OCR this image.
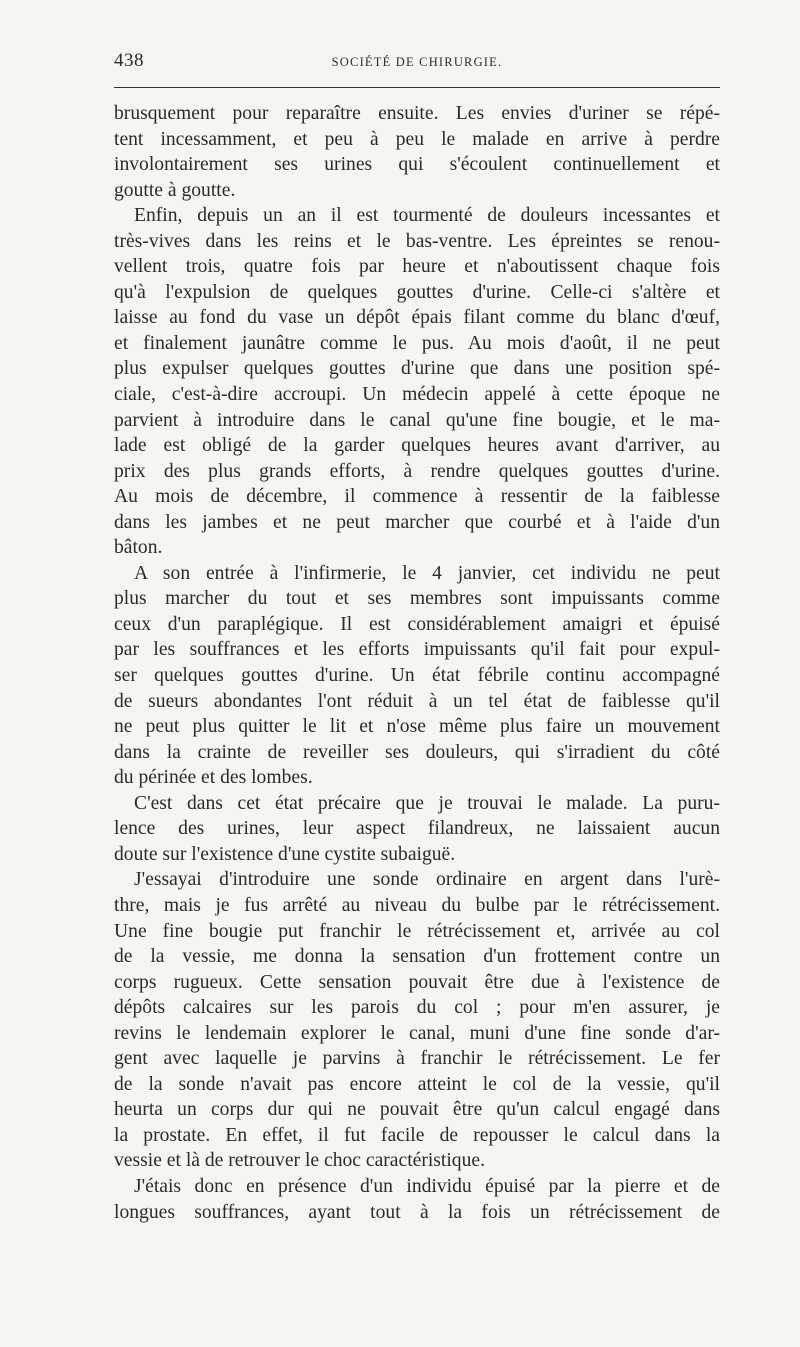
438	SOCIÉTÉ DE CHIRURGIE.

brusquement pour reparaître ensuite. Les envies d'uriner se répé-

tent incessamment, et peu à peu le malade en arrive à perdre

involontairement ses urines qui s'écoulent continuellement et

goutte à goutte.

Enfin, depuis un an il est tourmenté de douleurs incessantes et

très-vives dans les reins et le bas-ventre. Les épreintes se renou-

vellent trois, quatre fois par heure et n'aboutissent chaque fois

qu'à l'expulsion de quelques gouttes d'urine. Celle-ci s'altère et

laisse au fond du vase un dépôt épais filant comme du blanc d'œuf,

et finalement jaunâtre comme le pus. Au mois d'août, il ne peut

plus expulser quelques gouttes d'urine que dans une position spé-

ciale, c'est-à-dire accroupi. Un médecin appelé à cette époque ne

parvient à introduire dans le canal qu'une fine bougie, et le ma-

lade est obligé de la garder quelques heures avant d'arriver, au

prix des plus grands efforts, à rendre quelques gouttes d'urine.

Au mois de décembre, il commence à ressentir de la faiblesse

dans les jambes et ne peut marcher que courbé et à l'aide d'un

bâton.

A son entrée à l'infirmerie, le 4 janvier, cet individu ne peut

plus marcher du tout et ses membres sont impuissants comme

ceux d'un paraplégique. Il est considérablement amaigri et épuisé

par les souffrances et les efforts impuissants qu'il fait pour expul-

ser quelques gouttes d'urine. Un état fébrile continu accompagné

de sueurs abondantes l'ont réduit à un tel état de faiblesse qu'il

ne peut plus quitter le lit et n'ose même plus faire un mouvement

dans la crainte de reveiller ses douleurs, qui s'irradient du côté

du périnée et des lombes.

C'est dans cet état précaire que je trouvai le malade. La puru-

lence des urines, leur aspect filandreux, ne laissaient aucun

doute sur l'existence d'une cystite subaiguë.

J'essayai d'introduire une sonde ordinaire en argent dans l'urè-

thre, mais je fus arrêté au niveau du bulbe par le rétrécissement.

Une fine bougie put franchir le rétrécissement et, arrivée au col

de la vessie, me donna la sensation d'un frottement contre un

corps rugueux. Cette sensation pouvait être due à l'existence de

dépôts calcaires sur les parois du col ; pour m'en assurer, je

revins le lendemain explorer le canal, muni d'une fine sonde d'ar-

gent avec laquelle je parvins à franchir le rétrécissement. Le fer

de la sonde n'avait pas encore atteint le col de la vessie, qu'il

heurta un corps dur qui ne pouvait être qu'un calcul engagé dans

la prostate. En effet, il fut facile de repousser le calcul dans la

vessie et là de retrouver le choc caractéristique.

J'étais donc en présence d'un individu épuisé par la pierre et de

longues souffrances, ayant tout à la fois un rétrécissement de
